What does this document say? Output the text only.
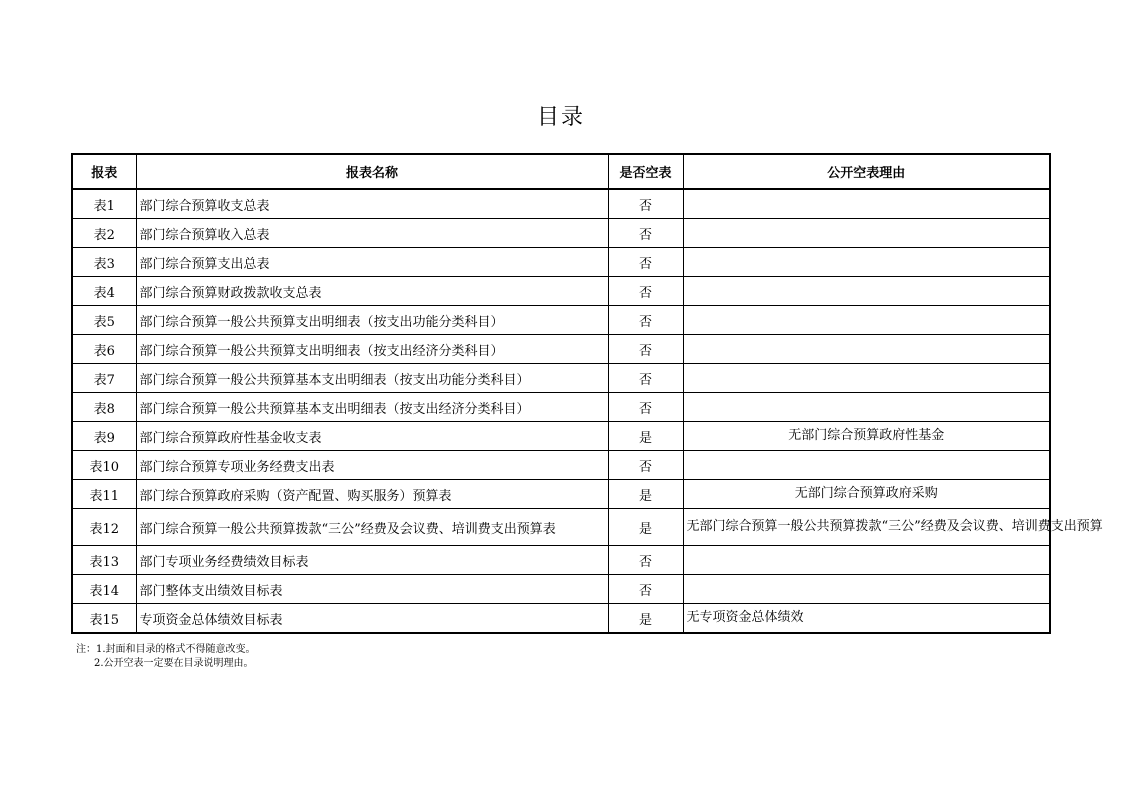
目录
报表	报表名称	是否空表	公开空表理由
表1	部门综合预算收支总表	否	
表2	部门综合预算收入总表	否	
表3	部门综合预算支出总表	否	
表4	部门综合预算财政拨款收支总表	否	
表5	部门综合预算一般公共预算支出明细表（按支出功能分类科目）	否	
表6	部门综合预算一般公共预算支出明细表（按支出经济分类科目）	否	
表7	部门综合预算一般公共预算基本支出明细表（按支出功能分类科目）	否	
表8	部门综合预算一般公共预算基本支出明细表（按支出经济分类科目）	否	
表9	部门综合预算政府性基金收支表	是	无部门综合预算政府性基金
表10	部门综合预算专项业务经费支出表	否	
表11	部门综合预算政府采购（资产配置、购买服务）预算表	是	无部门综合预算政府采购
表12	部门综合预算一般公共预算拨款“三公”经费及会议费、培训费支出预算表	是	无部门综合预算一般公共预算拨款“三公”经费及会议费、培训费支出预算
表13	部门专项业务经费绩效目标表	否	
表14	部门整体支出绩效目标表	否	
表15	专项资金总体绩效目标表	是	无专项资金总体绩效
注：1.封面和目录的格式不得随意改变。
2.公开空表一定要在目录说明理由。
